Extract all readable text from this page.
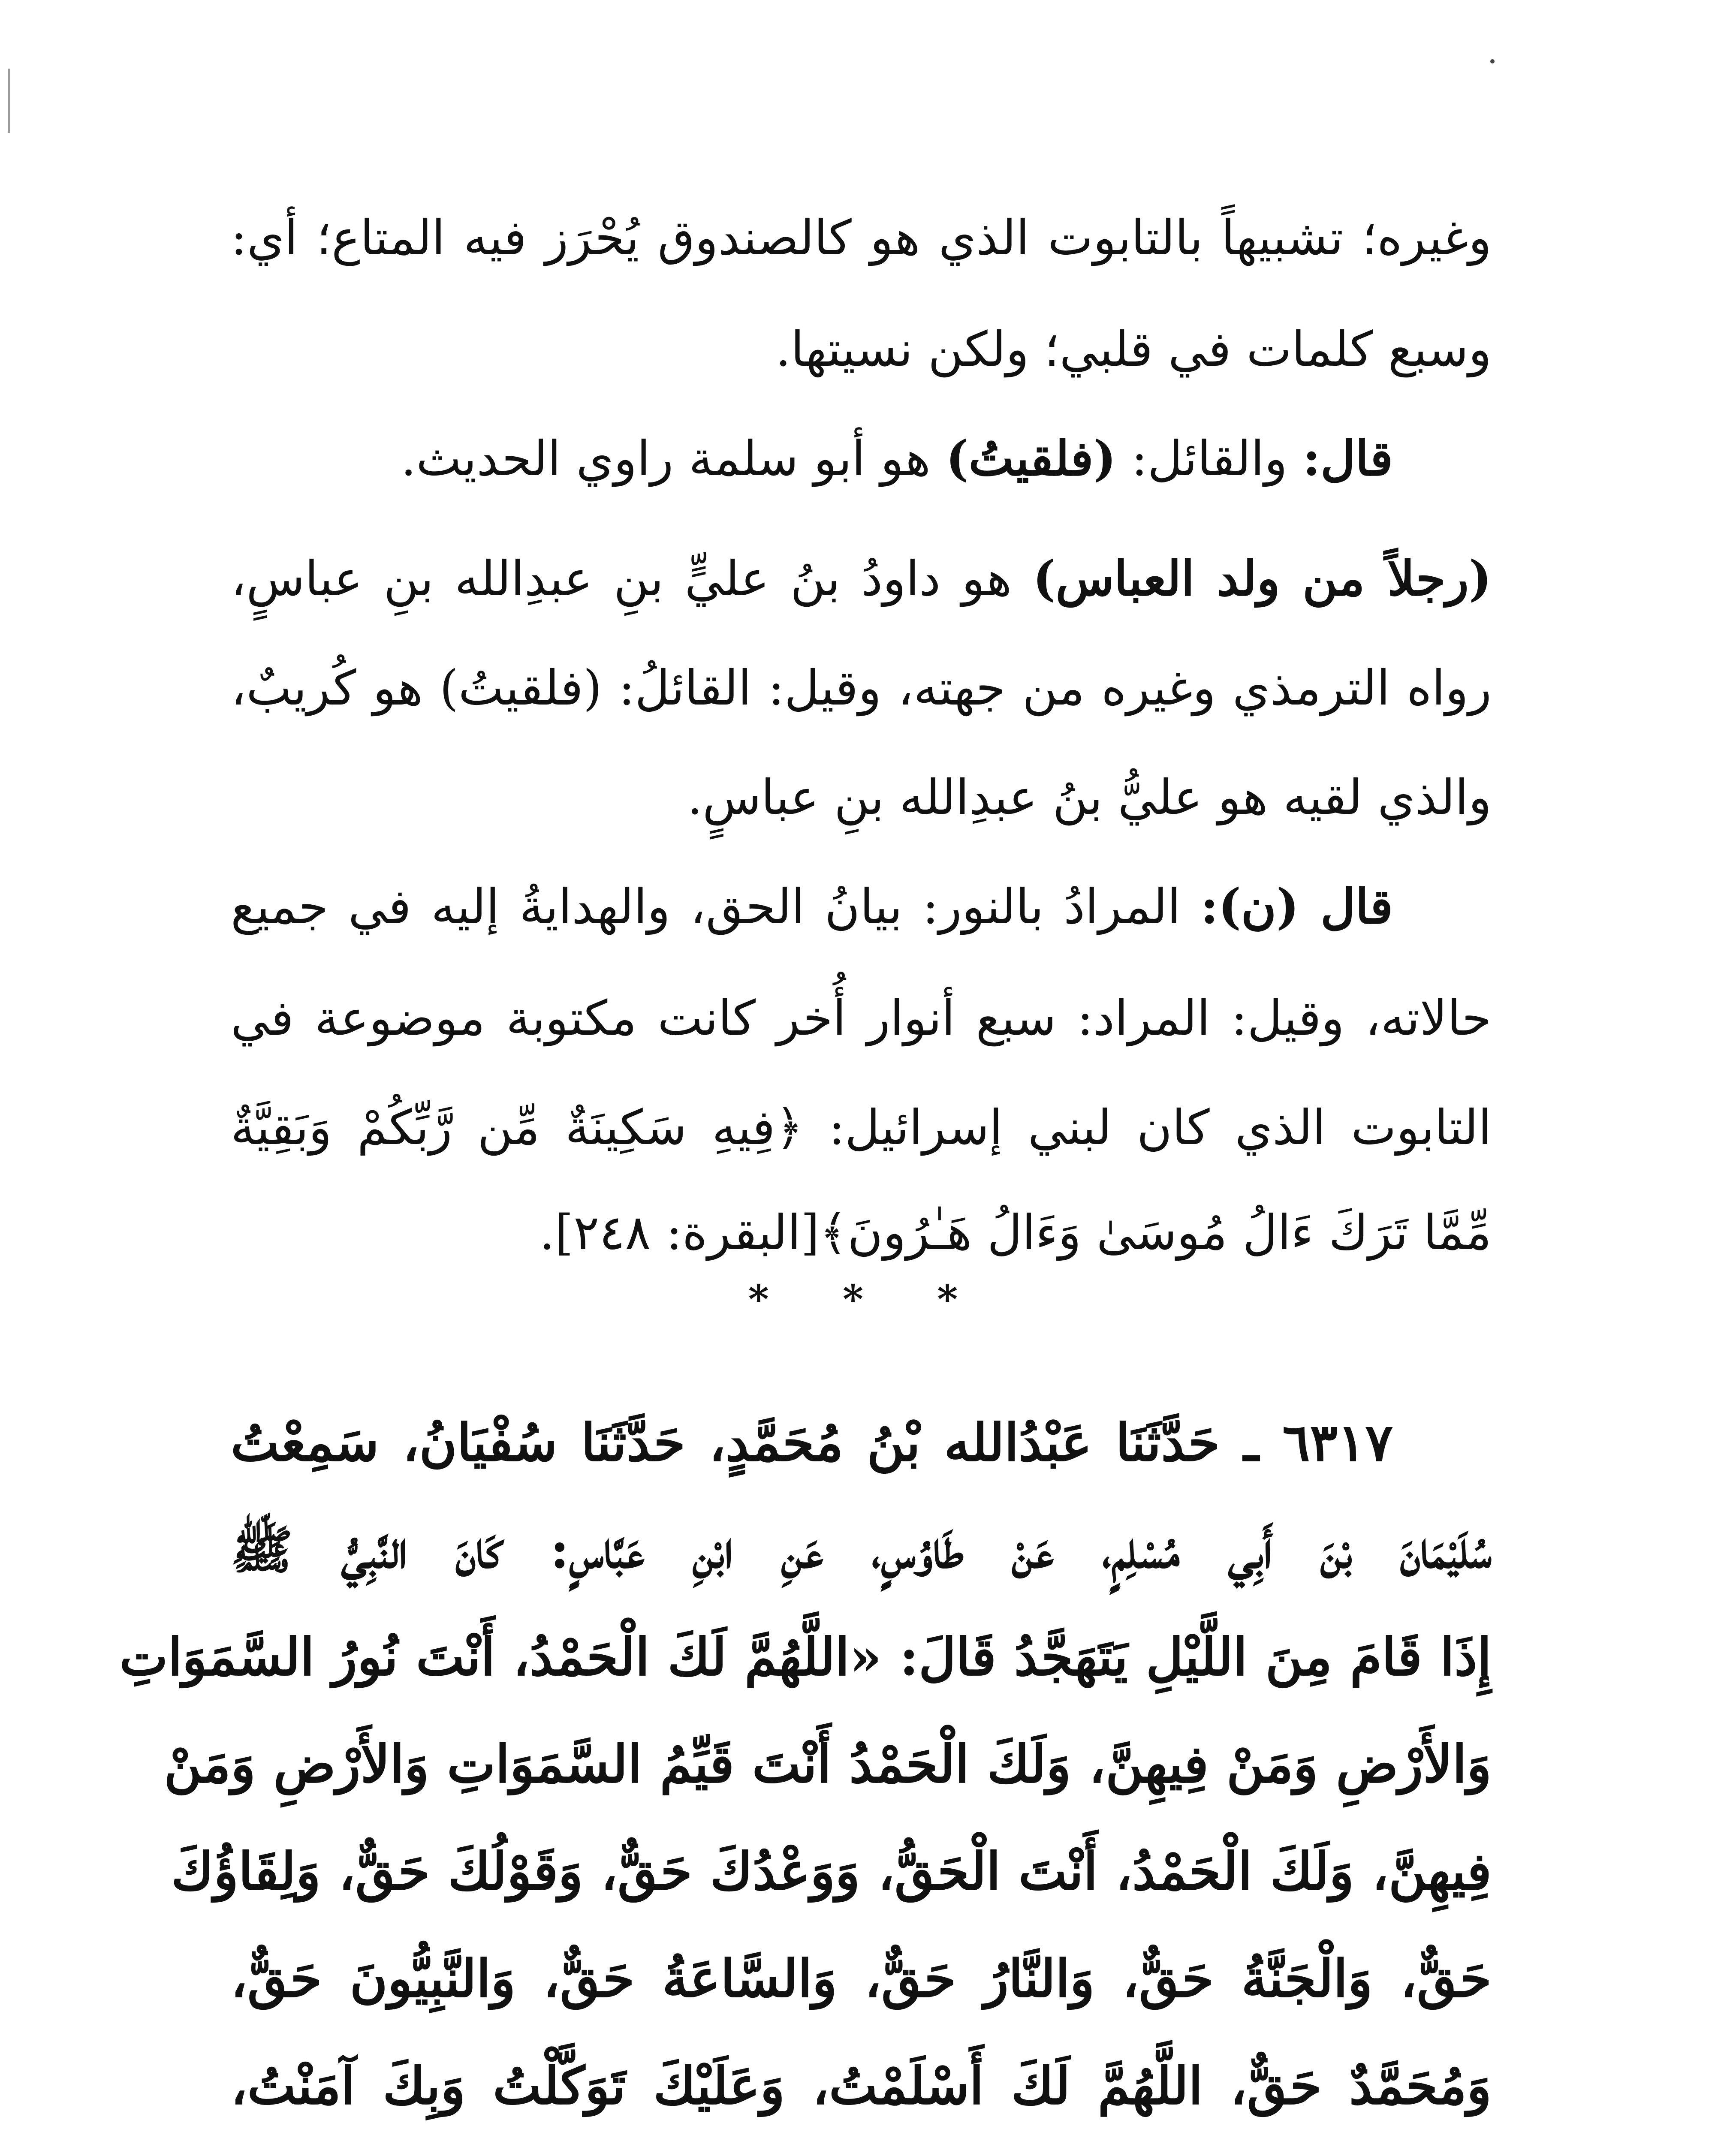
وغيره؛ تشبيهاً بالتابوت الذي هو كالصندوق يُحْرَز فيه المتاع؛ أي:
وسبع كلمات في قلبي؛ ولكن نسيتها.
قال: والقائل: (فلقيتُ) هو أبو سلمة راوي الحديث.
(رجلاً من ولد العباس) هو داودُ بنُ عليٍّ بنِ عبدِالله بنِ عباسٍ،
رواه الترمذي وغيره من جهته، وقيل: القائلُ: (فلقيتُ) هو كُريبٌ،
والذي لقيه هو عليُّ بنُ عبدِالله بنِ عباسٍ.
قال (ن): المرادُ بالنور: بيانُ الحق، والهدايةُ إليه في جميع
حالاته، وقيل: المراد: سبع أنوار أُخر كانت مكتوبة موضوعة في
التابوت الذي كان لبني إسرائيل: ﴿فِيهِ سَكِينَةٌ مِّن رَّبِّكُمْ وَبَقِيَّةٌ
مِّمَّا تَرَكَ ءَالُ مُوسَىٰ وَءَالُ هَـٰرُونَ﴾[البقرة: ٢٤٨].
* * *
٦٣١٧ ـ حَدَّثَنَا عَبْدُالله بْنُ مُحَمَّدٍ، حَدَّثَنَا سُفْيَانُ، سَمِعْتُ
سُلَيْمَانَ بْنَ أَبِي مُسْلِمٍ، عَنْ طَاوُسٍ، عَنِ ابْنِ عَبَّاسٍ: كَانَ النَّبِيُّ ﷺ
إِذَا قَامَ مِنَ اللَّيْلِ يَتَهَجَّدُ قَالَ: «اللَّهُمَّ لَكَ الْحَمْدُ، أَنْتَ نُورُ السَّمَوَاتِ
وَالأَرْضِ وَمَنْ فِيهِنَّ، وَلَكَ الْحَمْدُ أَنْتَ قَيِّمُ السَّمَوَاتِ وَالأَرْضِ وَمَنْ
فِيهِنَّ، وَلَكَ الْحَمْدُ، أَنْتَ الْحَقُّ، وَوَعْدُكَ حَقٌّ، وَقَوْلُكَ حَقٌّ، وَلِقَاؤُكَ
حَقٌّ، وَالْجَنَّةُ حَقٌّ، وَالنَّارُ حَقٌّ، وَالسَّاعَةُ حَقٌّ، وَالنَّبِيُّونَ حَقٌّ،
وَمُحَمَّدٌ حَقٌّ، اللَّهُمَّ لَكَ أَسْلَمْتُ، وَعَلَيْكَ تَوَكَّلْتُ وَبِكَ آمَنْتُ،
